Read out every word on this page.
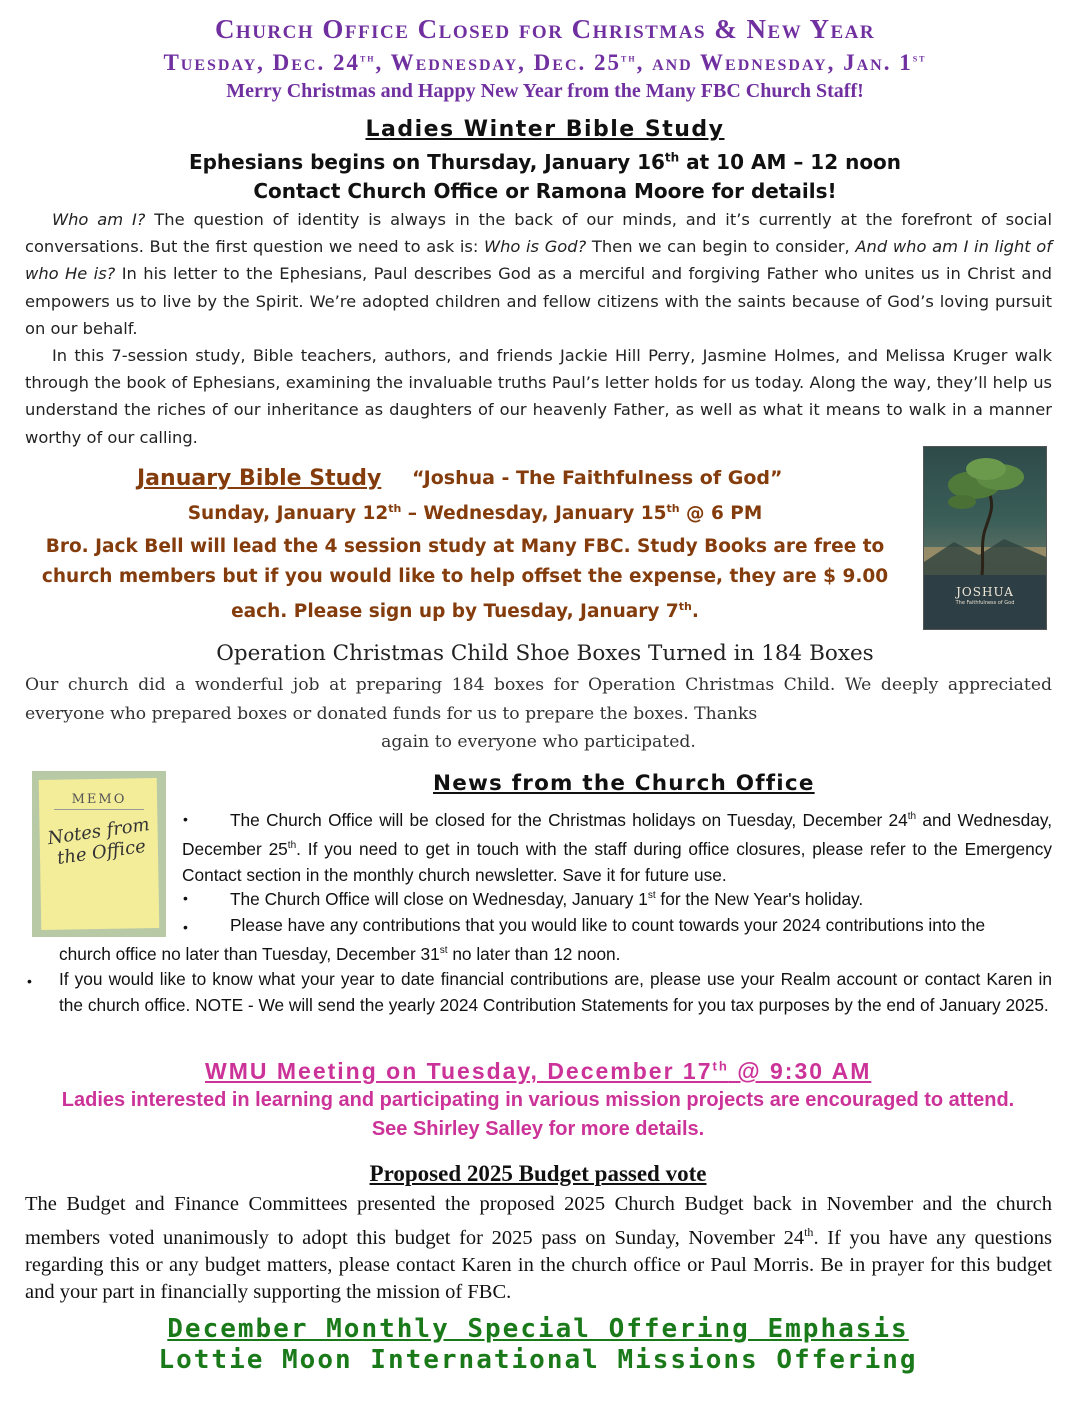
Church Office Closed for Christmas & New Year
Tuesday, Dec. 24th, Wednesday, Dec. 25th, and Wednesday, Jan. 1st
Merry Christmas and Happy New Year from the Many FBC Church Staff!
Ladies Winter Bible Study
Ephesians begins on Thursday, January 16th at 10 AM – 12 noon
Contact Church Office or Ramona Moore for details!

Who am I? The question of identity is always in the back of our minds, and it’s currently at the forefront of social conversations. But the first question we need to ask is: Who is God? Then we can begin to consider, And who am I in light of who He is? In his letter to the Ephesians, Paul describes God as a merciful and forgiving Father who unites us in Christ and empowers us to live by the Spirit. We’re adopted children and fellow citizens with the saints because of God’s loving pursuit on our behalf.

In this 7-session study, Bible teachers, authors, and friends Jackie Hill Perry, Jasmine Holmes, and Melissa Kruger walk through the book of Ephesians, examining the invaluable truths Paul’s letter holds for us today. Along the way, they’ll help us understand the riches of our inheritance as daughters of our heavenly Father, as well as what it means to walk in a manner worthy of our calling.

January Bible Study “Joshua - The Faithfulness of God”
Sunday, January 12th – Wednesday, January 15th @ 6 PM
Bro. Jack Bell will lead the 4 session study at Many FBC. Study Books are free to church members but if you would like to help offset the expense, they are $ 9.00 each. Please sign up by Tuesday, January 7th.
JOSHUA
The Faithfulness of God
Operation Christmas Child Shoe Boxes Turned in 184 Boxes
Our church did a wonderful job at preparing 184 boxes for Operation Christmas Child. We deeply appreciated everyone who prepared boxes or donated funds for us to prepare the boxes. Thanks
again to everyone who participated.
MEMO
Notes from the Office
News from the Church Office
•	The Church Office will be closed for the Christmas holidays on Tuesday, December 24th and Wednesday, December 25th. If you need to get in touch with the staff during office closures, please refer to the Emergency Contact section in the monthly church newsletter. Save it for future use.
•	The Church Office will close on Wednesday, January 1st for the New Year's holiday.
•	Please have any contributions that you would like to count towards your 2024 contributions into the
church office no later than Tuesday, December 31st no later than 12 noon.
• If you would like to know what your year to date financial contributions are, please use your Realm account or contact Karen in the church office. NOTE - We will send the yearly 2024 Contribution Statements for you tax purposes by the end of January 2025.
WMU Meeting on Tuesday, December 17th @ 9:30 AM
Ladies interested in learning and participating in various mission projects are encouraged to attend.
See Shirley Salley for more details.
Proposed 2025 Budget passed vote
The Budget and Finance Committees presented the proposed 2025 Church Budget back in November and the church members voted unanimously to adopt this budget for 2025 pass on Sunday, November 24th. If you have any questions regarding this or any budget matters, please contact Karen in the church office or Paul Morris. Be in prayer for this budget and your part in financially supporting the mission of FBC.
December Monthly Special Offering Emphasis
Lottie Moon International Missions Offering
